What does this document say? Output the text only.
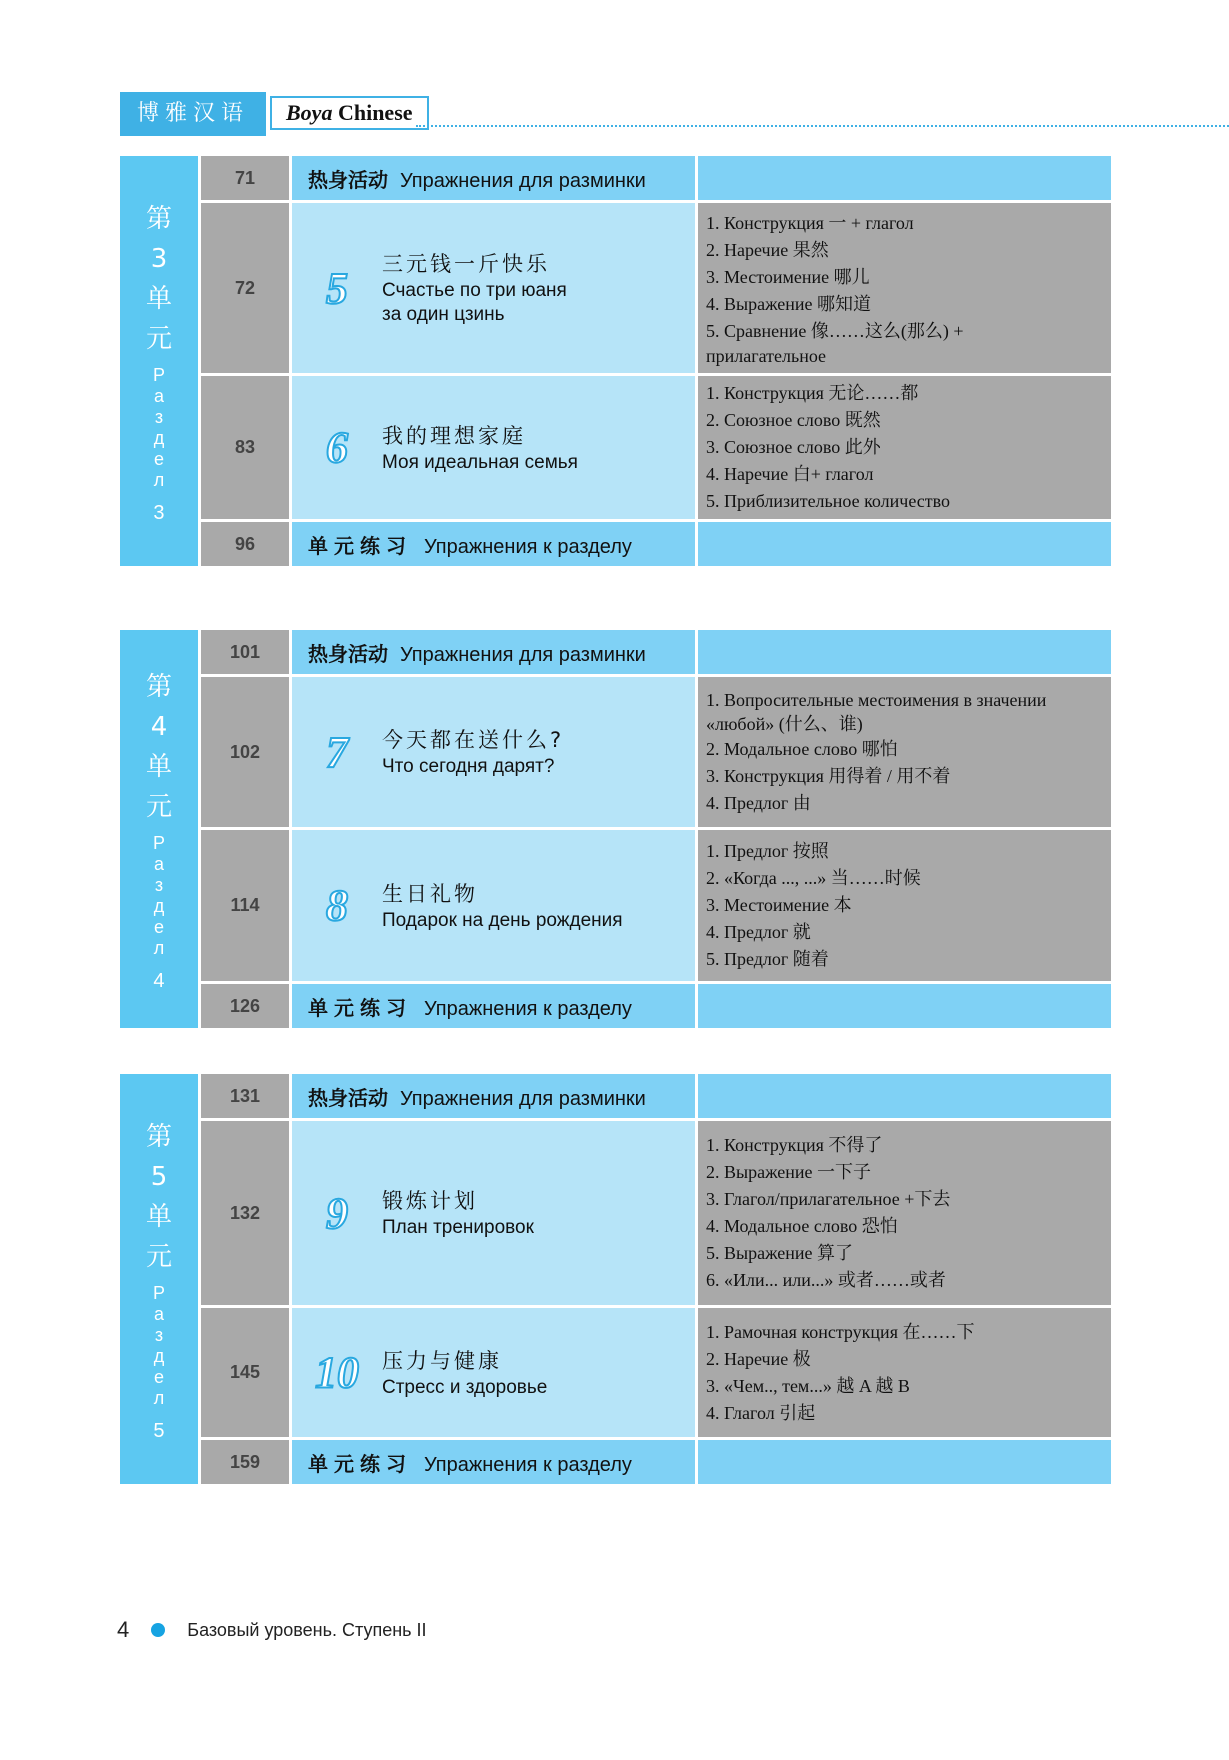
博雅汉语	Boya Chinese
第
3
单
元
Р
а
з
д
е
л
3
71	热身活动 Упражнения для разминки
72	5	三元钱一斤快乐
Счастье по три юаня
за один цзинь
1. Конструкция 一 + глагол
2. Наречие 果然
3. Местоимение 哪儿
4. Выражение 哪知道
5. Сравнение 像……这么(那么) +
прилагательное
83	6	我的理想家庭
Моя идеальная семья
1. Конструкция 无论……都
2. Союзное слово 既然
3. Союзное слово 此外
4. Наречие 白+ глагол
5. Приблизительное количество
96	单元练习 Упражнения к разделу
第
4
单
元
Р
а
з
д
е
л
4
101	热身活动 Упражнения для разминки
102	7	今天都在送什么?
Что сегодня дарят?
1. Вопросительные местоимения в значении
«любой» (什么、谁)
2. Модальное слово 哪怕
3. Конструкция 用得着 / 用不着
4. Предлог 由
114	8	生日礼物
Подарок на день рождения
1. Предлог 按照
2. «Когда ..., ...» 当……时候
3. Местоимение 本
4. Предлог 就
5. Предлог 随着
126	单元练习 Упражнения к разделу
第
5
单
元
Р
а
з
д
е
л
5
131	热身活动 Упражнения для разминки
132	9	锻炼计划
План тренировок
1. Конструкция 不得了
2. Выражение 一下子
3. Глагол/прилагательное +下去
4. Модальное слово 恐怕
5. Выражение 算了
6. «Или... или...» 或者……或者
145	10	压力与健康
Стресс и здоровье
1. Рамочная конструкция 在……下
2. Наречие 极
3. «Чем.., тем...» 越 A 越 B
4. Глагол 引起
159	单元练习 Упражнения к разделу
4	Базовый уровень. Ступень II
